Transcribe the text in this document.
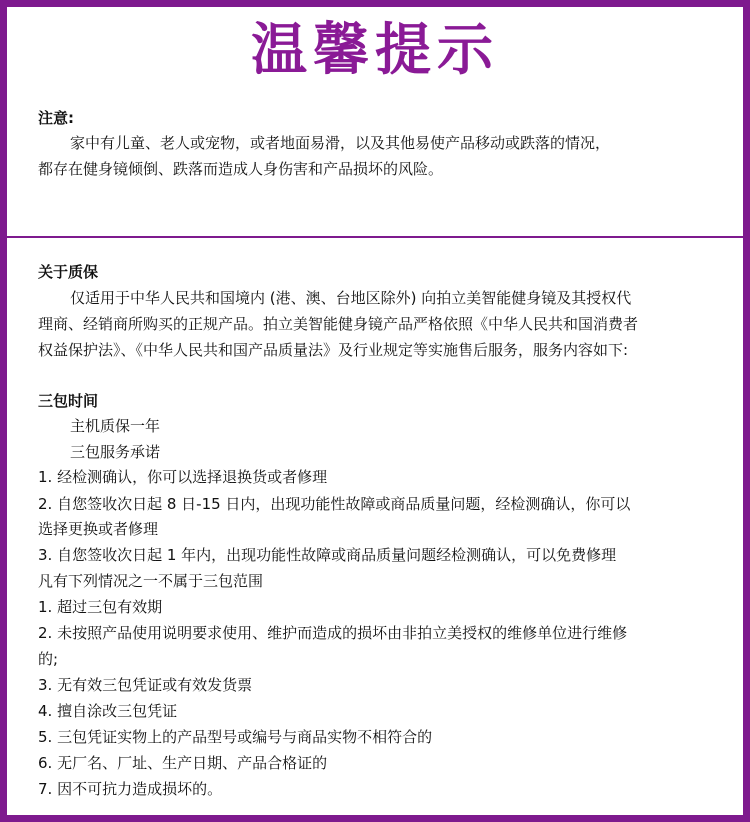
温馨提示
注意:
家中有儿童、老人或宠物，或者地面易滑，以及其他易使产品移动或跌落的情况，
都存在健身镜倾倒、跌落而造成人身伤害和产品损坏的风险。
关于质保
仅适用于中华人民共和国境内 (港、澳、台地区除外) 向拍立美智能健身镜及其授权代
理商、经销商所购买的正规产品。拍立美智能健身镜产品严格依照《中华人民共和国消费者
权益保护法》、《中华人民共和国产品质量法》及行业规定等实施售后服务，服务内容如下:
三包时间
主机质保一年
三包服务承诺
1. 经检测确认，你可以选择退换货或者修理
2. 自您签收次日起 8 日-15 日内，出现功能性故障或商品质量问题，经检测确认，你可以
选择更换或者修理
3. 自您签收次日起 1 年内，出现功能性故障或商品质量问题经检测确认，可以免费修理
凡有下列情况之一不属于三包范围
1. 超过三包有效期
2. 未按照产品使用说明要求使用、维护而造成的损坏由非拍立美授权的维修单位进行维修
的;
3. 无有效三包凭证或有效发货票
4. 擅自涂改三包凭证
5. 三包凭证实物上的产品型号或编号与商品实物不相符合的
6. 无厂名、厂址、生产日期、产品合格证的
7. 因不可抗力造成损坏的。
